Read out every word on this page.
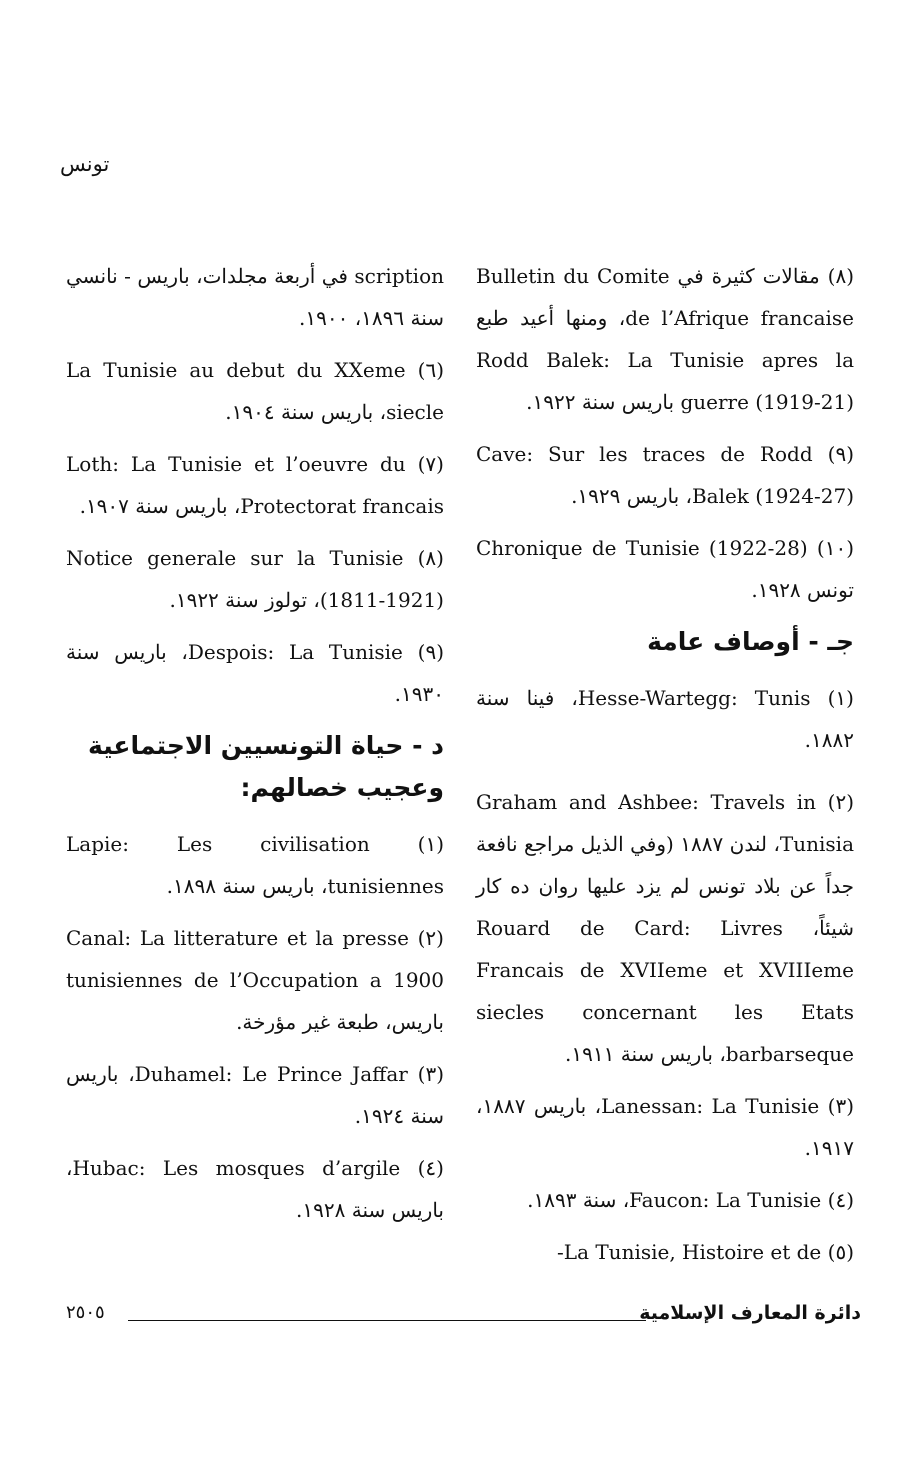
تونس

(٨) مقالات كثيرة في Bulletin du Comite de l’Afrique francaise، ومنها أعيد طبع Rodd Balek: La Tunisie apres la guerre (1919-21) باريس سنة ١٩٢٢.

(٩) Cave: Sur les traces de Rodd Balek (1924-27)، باريس ١٩٢٩.

(١٠) Chronique de Tunisie (1922-28) تونس ١٩٢٨.

جـ - أوصاف عامة

(١) Hesse-Wartegg: Tunis، فينا سنة ١٨٨٢.

(٢) Graham and Ashbee: Travels in Tunisia، لندن ١٨٨٧ (وفي الذيل مراجع نافعة جداً عن بلاد تونس لم يزد عليها روان ده كار شيئاً، Rouard de Card: Livres Francais de XVIIeme et XVIIIeme siecles concernant les Etats barbarseque، باريس سنة ١٩١١.

(٣) Lanessan: La Tunisie، باريس ١٨٨٧، ١٩١٧.

(٤) Faucon: La Tunisie، سنة ١٨٩٣.

(٥) La Tunisie, Histoire et de-

scription في أربعة مجلدات، باريس - نانسي سنة ١٨٩٦، ١٩٠٠.

(٦) La Tunisie au debut du XXeme siecle، باريس سنة ١٩٠٤.

(٧) Loth: La Tunisie et l’oeuvre du Protectorat francais، باريس سنة ١٩٠٧.

(٨) Notice generale sur la Tunisie (1811-1921)، تولوز سنة ١٩٢٢.

(٩) Despois: La Tunisie، باريس سنة ١٩٣٠.

د - حياة التونسيين الاجتماعية وعجيب خصالهم:

(١) Lapie: Les civilisation tunisiennes، باريس سنة ١٨٩٨.

(٢) Canal: La litterature et la presse tunisiennes de l’Occupation a 1900 باريس، طبعة غير مؤرخة.

(٣) Duhamel: Le Prince Jaffar، باريس سنة ١٩٢٤.

(٤) Hubac: Les mosques d’argile، باريس سنة ١٩٢٨.

دائرة المعارف الإسلامية
٢٥٠٥
